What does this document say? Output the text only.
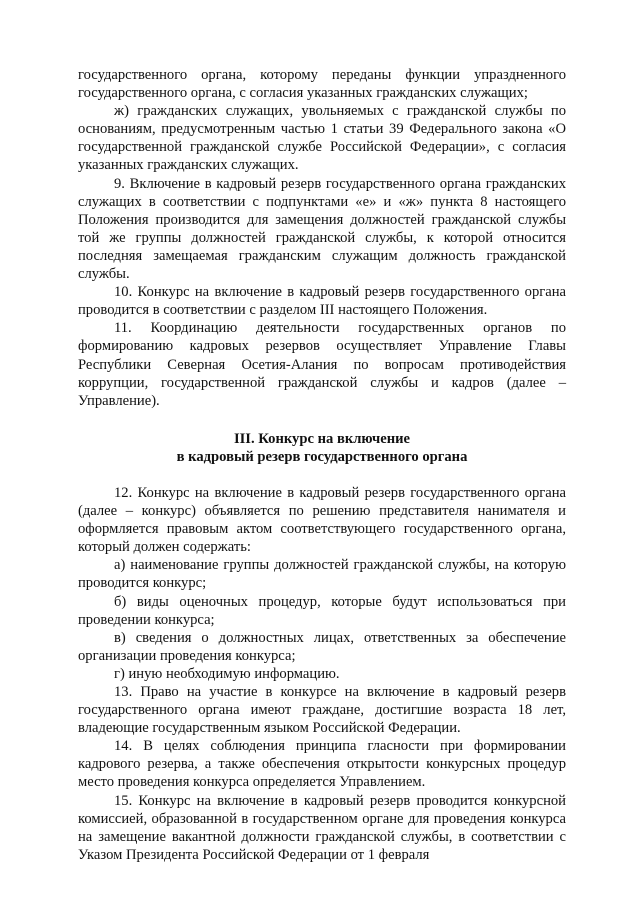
государственного органа, которому переданы функции упраздненного государственного органа, с согласия указанных гражданских служащих;

ж) гражданских служащих, увольняемых с гражданской службы по основаниям, предусмотренным частью 1 статьи 39 Федерального закона «О государственной гражданской службе Российской Федерации», с согласия указанных гражданских служащих.

9. Включение в кадровый резерв государственного органа гражданских служащих в соответствии с подпунктами «е» и «ж» пункта 8 настоящего Положения производится для замещения должностей гражданской службы той же группы должностей гражданской службы, к которой относится последняя замещаемая гражданским служащим должность гражданской службы.

10. Конкурс на включение в кадровый резерв государственного органа проводится в соответствии с разделом III настоящего Положения.

11. Координацию деятельности государственных органов по формированию кадровых резервов осуществляет Управление Главы Республики Северная Осетия-Алания по вопросам противодействия коррупции, государственной гражданской службы и кадров (далее – Управление).

III. Конкурс на включение

в кадровый резерв государственного органа

12. Конкурс на включение в кадровый резерв государственного органа (далее – конкурс) объявляется по решению представителя нанимателя и оформляется правовым актом соответствующего государственного органа, который должен содержать:

а) наименование группы должностей гражданской службы, на которую проводится конкурс;

б) виды оценочных процедур, которые будут использоваться при проведении конкурса;

в) сведения о должностных лицах, ответственных за обеспечение организации проведения конкурса;

г) иную необходимую информацию.

13. Право на участие в конкурсе на включение в кадровый резерв государственного органа имеют граждане, достигшие возраста 18 лет, владеющие государственным языком Российской Федерации.

14. В целях соблюдения принципа гласности при формировании кадрового резерва, а также обеспечения открытости конкурсных процедур место проведения конкурса определяется Управлением.

15. Конкурс на включение в кадровый резерв проводится конкурсной комиссией, образованной в государственном органе для проведения конкурса на замещение вакантной должности гражданской службы, в соответствии с Указом Президента Российской Федерации от 1 февраля
